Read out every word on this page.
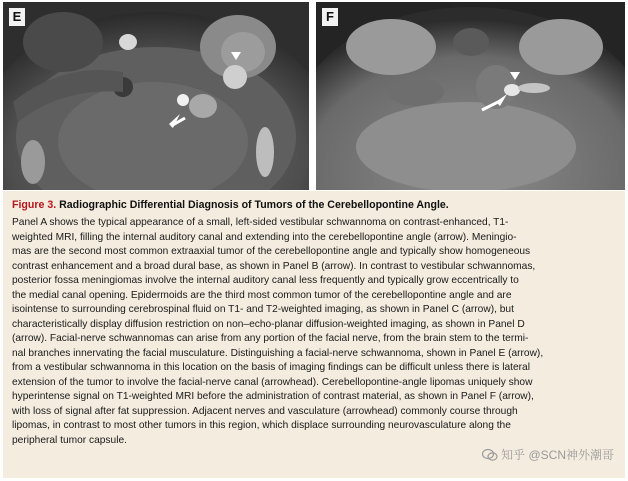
E	F
Figure 3. Radiographic Differential Diagnosis of Tumors of the Cerebellopontine Angle.
Panel A shows the typical appearance of a small, left-sided vestibular schwannoma on contrast-enhanced, T1-
weighted MRI, filling the internal auditory canal and extending into the cerebellopontine angle (arrow). Meningio-
mas are the second most common extraaxial tumor of the cerebellopontine angle and typically show homogeneous
contrast enhancement and a broad dural base, as shown in Panel B (arrow). In contrast to vestibular schwannomas,
posterior fossa meningiomas involve the internal auditory canal less frequently and typically grow eccentrically to
the medial canal opening. Epidermoids are the third most common tumor of the cerebellopontine angle and are
isointense to surrounding cerebrospinal fluid on T1- and T2-weighted imaging, as shown in Panel C (arrow), but
characteristically display diffusion restriction on non–echo-planar diffusion-weighted imaging, as shown in Panel D
(arrow). Facial-nerve schwannomas can arise from any portion of the facial nerve, from the brain stem to the termi-
nal branches innervating the facial musculature. Distinguishing a facial-nerve schwannoma, shown in Panel E (arrow),
from a vestibular schwannoma in this location on the basis of imaging findings can be difficult unless there is lateral
extension of the tumor to involve the facial-nerve canal (arrowhead). Cerebellopontine-angle lipomas uniquely show
hyperintense signal on T1-weighted MRI before the administration of contrast material, as shown in Panel F (arrow),
with loss of signal after fat suppression. Adjacent nerves and vasculature (arrowhead) commonly course through
lipomas, in contrast to most other tumors in this region, which displace surrounding neurovasculature along the
peripheral tumor capsule.
知乎 @SCN神外潮哥
